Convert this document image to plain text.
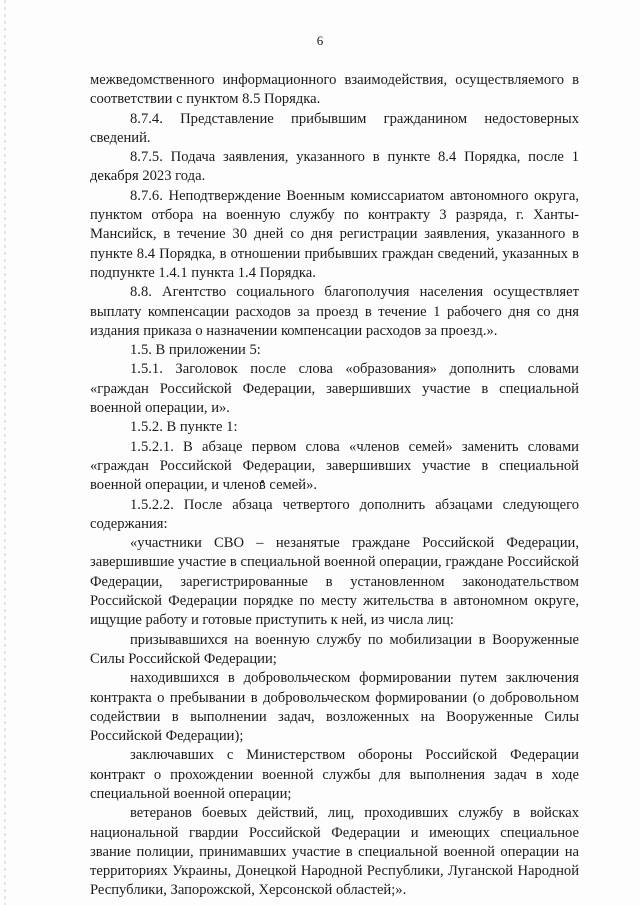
6

межведомственного информационного взаимодействия, осуществляемого в соответствии с пунктом 8.5 Порядка.

8.7.4. Представление прибывшим гражданином недостоверных сведений.

8.7.5. Подача заявления, указанного в пункте 8.4 Порядка, после 1 декабря 2023 года.

8.7.6. Неподтверждение Военным комиссариатом автономного округа, пунктом отбора на военную службу по контракту 3 разряда, г. Ханты-Мансийск, в течение 30 дней со дня регистрации заявления, указанного в пункте 8.4 Порядка, в отношении прибывших граждан сведений, указанных в подпункте 1.4.1 пункта 1.4 Порядка.

8.8. Агентство социального благополучия населения осуществляет выплату компенсации расходов за проезд в течение 1 рабочего дня со дня издания приказа о назначении компенсации расходов за проезд.».

1.5. В приложении 5:

1.5.1. Заголовок после слова «образования» дополнить словами «граждан Российской Федерации, завершивших участие в специальной военной операции, и».

1.5.2. В пункте 1:

1.5.2.1. В абзаце первом слова «членов семей» заменить словами «граждан Российской Федерации, завершивших участие в специальной военной операции, и членов семей».

1.5.2.2. После абзаца четвертого дополнить абзацами следующего содержания:

«участники СВО – незанятые граждане Российской Федерации, завершившие участие в специальной военной операции, граждане Российской Федерации, зарегистрированные в установленном законодательством Российской Федерации порядке по месту жительства в автономном округе, ищущие работу и готовые приступить к ней, из числа лиц:

призывавшихся на военную службу по мобилизации в Вооруженные Силы Российской Федерации;

находившихся в добровольческом формировании путем заключения контракта о пребывании в добровольческом формировании (о добровольном содействии в выполнении задач, возложенных на Вооруженные Силы Российской Федерации);

заключавших с Министерством обороны Российской Федерации контракт о прохождении военной службы для выполнения задач в ходе специальной военной операции;

ветеранов боевых действий, лиц, проходивших службу в войсках национальной гвардии Российской Федерации и имеющих специальное звание полиции, принимавших участие в специальной военной операции на территориях Украины, Донецкой Народной Республики, Луганской Народной Республики, Запорожской, Херсонской областей;».
